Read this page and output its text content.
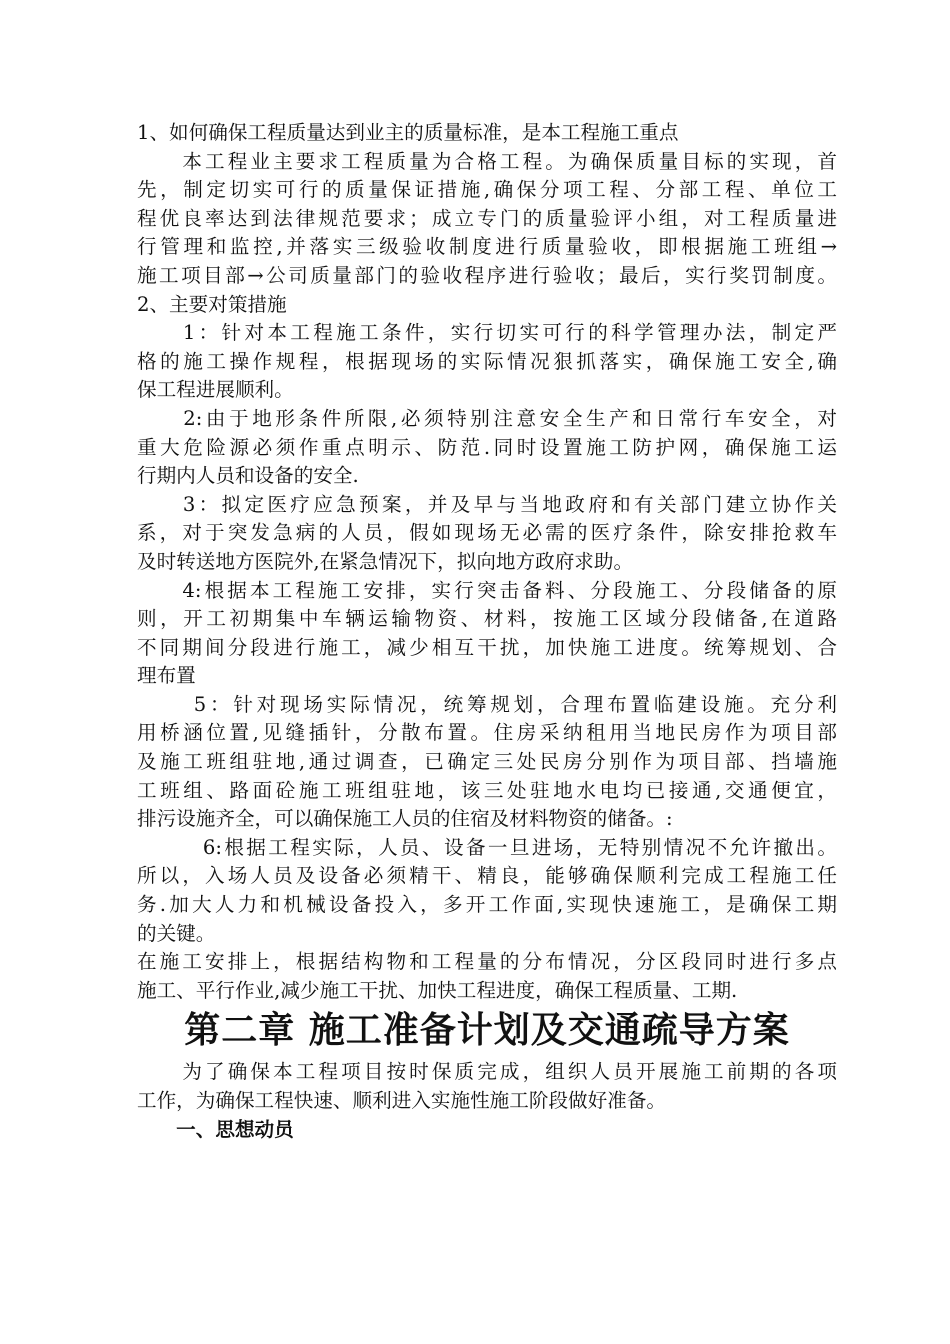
1、如何确保工程质量达到业主的质量标准，是本工程施工重点
　　本工程业主要求工程质量为合格工程。为确保质量目标的实现，首
先，制定切实可行的质量保证措施,确保分项工程、分部工程、单位工
程优良率达到法律规范要求；成立专门的质量验评小组，对工程质量进
行管理和监控,并落实三级验收制度进行质量验收，即根据施工班组→
施工项目部→公司质量部门的验收程序进行验收；最后，实行奖罚制度。
2、主要对策措施
　　1：针对本工程施工条件，实行切实可行的科学管理办法，制定严
格的施工操作规程，根据现场的实际情况狠抓落实，确保施工安全,确
保工程进展顺利。
　　2:由于地形条件所限,必须特别注意安全生产和日常行车安全，对
重大危险源必须作重点明示、防范.同时设置施工防护网，确保施工运
行期内人员和设备的安全.
　　3：拟定医疗应急预案，并及早与当地政府和有关部门建立协作关
系，对于突发急病的人员，假如现场无必需的医疗条件，除安排抢救车
及时转送地方医院外,在紧急情况下，拟向地方政府求助。
　　4:根据本工程施工安排，实行突击备料、分段施工、分段储备的原
则，开工初期集中车辆运输物资、材料，按施工区域分段储备,在道路
不同期间分段进行施工，减少相互干扰，加快施工进度。统筹规划、合
理布置
　　 5：针对现场实际情况，统筹规划，合理布置临建设施。充分利
用桥涵位置,见缝插针，分散布置。住房采纳租用当地民房作为项目部
及施工班组驻地,通过调查，已确定三处民房分别作为项目部、挡墙施
工班组、路面砼施工班组驻地，该三处驻地水电均已接通,交通便宜，
排污设施齐全，可以确保施工人员的住宿及材料物资的储备。:
　　　6:根据工程实际，人员、设备一旦进场，无特别情况不允许撤出。
所以，入场人员及设备必须精干、精良，能够确保顺利完成工程施工任
务.加大人力和机械设备投入，多开工作面,实现快速施工，是确保工期
的关键。
在施工安排上，根据结构物和工程量的分布情况，分区段同时进行多点
施工、平行作业,减少施工干扰、加快工程进度，确保工程质量、工期.
第二章 施工准备计划及交通疏导方案
　　为了确保本工程项目按时保质完成，组织人员开展施工前期的各项
工作，为确保工程快速、顺利进入实施性施工阶段做好准备。
　　一、思想动员
